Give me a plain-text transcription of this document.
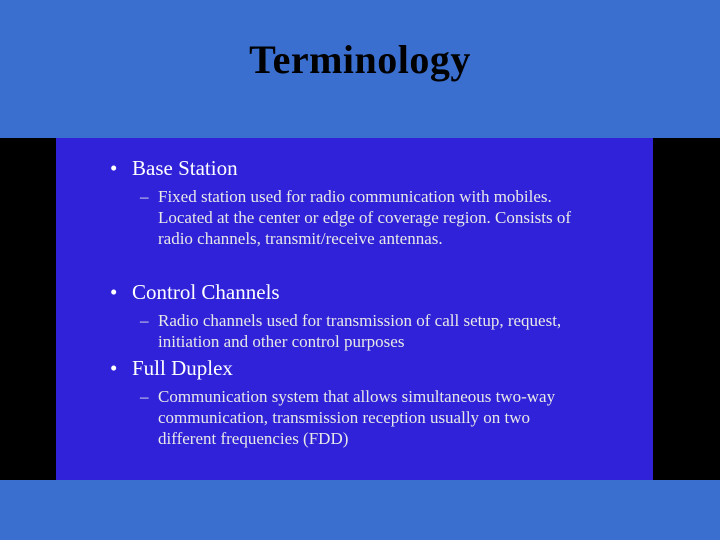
Terminology
• Base Station
– Fixed station used for radio communication with mobiles. Located at the center or edge of coverage region. Consists of radio channels, transmit/receive antennas.
• Control Channels
– Radio channels used for transmission of call setup, request, initiation and other control purposes
• Full Duplex
– Communication system that allows simultaneous two-way communication, transmission reception usually on two different frequencies (FDD)
